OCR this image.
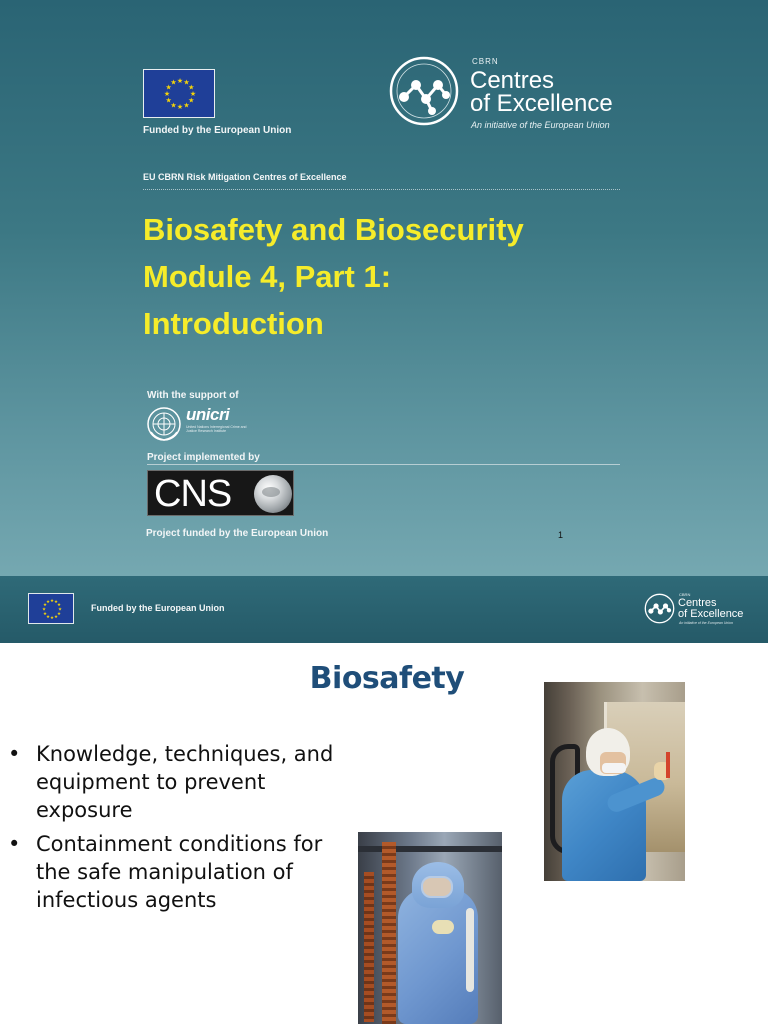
★ ★
★
★
★
★
★
★
★
★
★
★
Funded by the European Union
CBRN
Centres
of Excellence
An initiative of the European Union
EU CBRN Risk Mitigation Centres of Excellence
Biosafety and Biosecurity
Module 4, Part 1:
Introduction
With the support of
unicri
United Nations Interregional Crime and Justice Research Institute
Project implemented by
CNS
Project funded by the European Union	1
★ ★
★
★
★
★
★
★
★
★
★
★
Funded by the European Union
CBRN
Centres
of Excellence
An initiative of the European Union
Biosafety
• Knowledge, techniques, and equipment to prevent exposure
• Containment conditions for the safe manipulation of infectious agents
